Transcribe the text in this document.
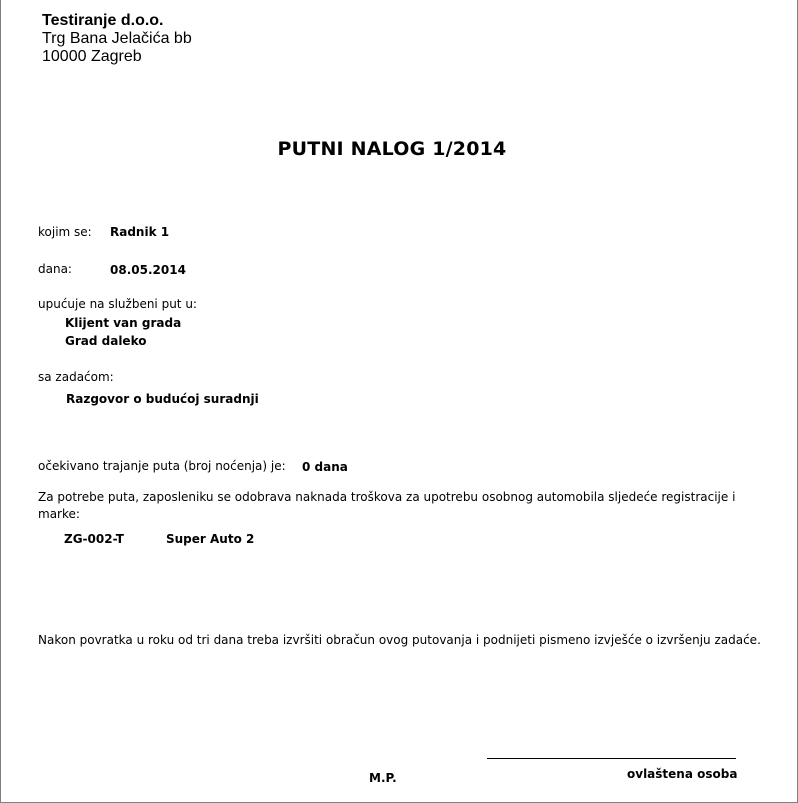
Testiranje d.o.o.
Trg Bana Jelačića bb
10000 Zagreb
PUTNI NALOG 1/2014
kojim se: Radnik 1
dana:	08.05.2014
upućuje na službeni put u:
Klijent van grada
Grad daleko
sa zadaćom:
Razgovor o budućoj suradnji
očekivano trajanje puta (broj noćenja) je: 0 dana
Za potrebe puta, zaposleniku se odobrava naknada troškova za upotrebu osobnog automobila sljedeće registracije i marke:
ZG-002-T	Super Auto 2
Nakon povratka u roku od tri dana treba izvršiti obračun ovog putovanja i podnijeti pismeno izvješće o izvršenju zadaće.
M.P.	ovlaštena osoba
